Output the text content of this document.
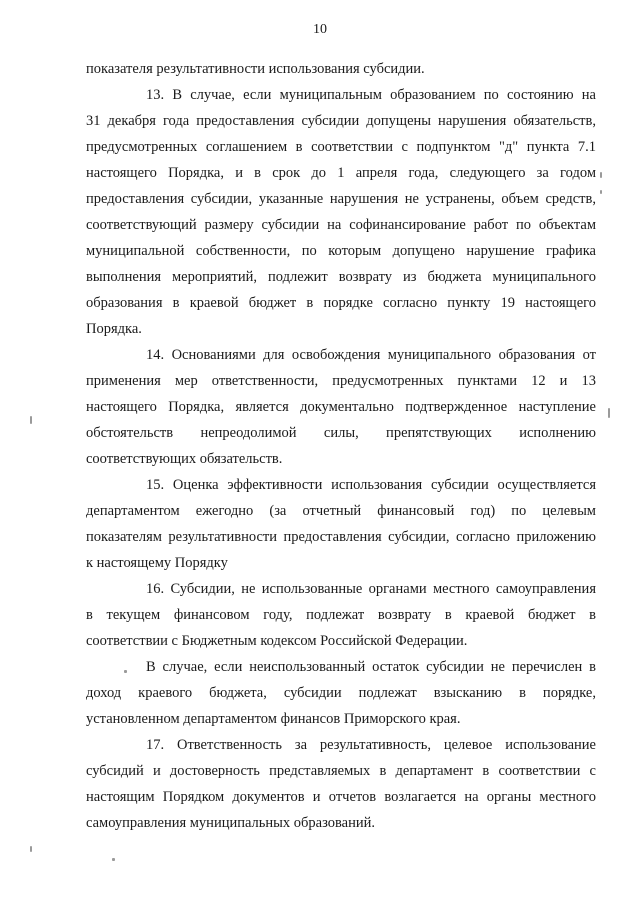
10
показателя результативности использования субсидии.
13. В случае, если муниципальным образованием по состоянию на
31 декабря года предоставления субсидии допущены нарушения обязательств,
предусмотренных соглашением в соответствии с подпунктом "д" пункта 7.1
настоящего Порядка, и в срок до 1 апреля года, следующего за годом
предоставления субсидии, указанные нарушения не устранены, объем средств,
соответствующий размеру субсидии на софинансирование работ по объектам
муниципальной собственности, по которым допущено нарушение графика
выполнения мероприятий, подлежит возврату из бюджета муниципального
образования в краевой бюджет в порядке согласно пункту 19 настоящего
Порядка.
14. Основаниями для освобождения муниципального образования от
применения мер ответственности, предусмотренных пунктами 12 и 13
настоящего Порядка, является документально подтвержденное наступление
обстоятельств непреодолимой силы, препятствующих исполнению
соответствующих обязательств.
15. Оценка эффективности использования субсидии осуществляется
департаментом ежегодно (за отчетный финансовый год) по целевым
показателям результативности предоставления субсидии, согласно приложению
к настоящему Порядку
16. Субсидии, не использованные органами местного самоуправления
в текущем финансовом году, подлежат возврату в краевой бюджет в
соответствии с Бюджетным кодексом Российской Федерации.
В случае, если неиспользованный остаток субсидии не перечислен в
доход краевого бюджета, субсидии подлежат взысканию в порядке,
установленном департаментом финансов Приморского края.
17. Ответственность за результативность, целевое использование
субсидий и достоверность представляемых в департамент в соответствии с
настоящим Порядком документов и отчетов возлагается на органы местного
самоуправления муниципальных образований.
